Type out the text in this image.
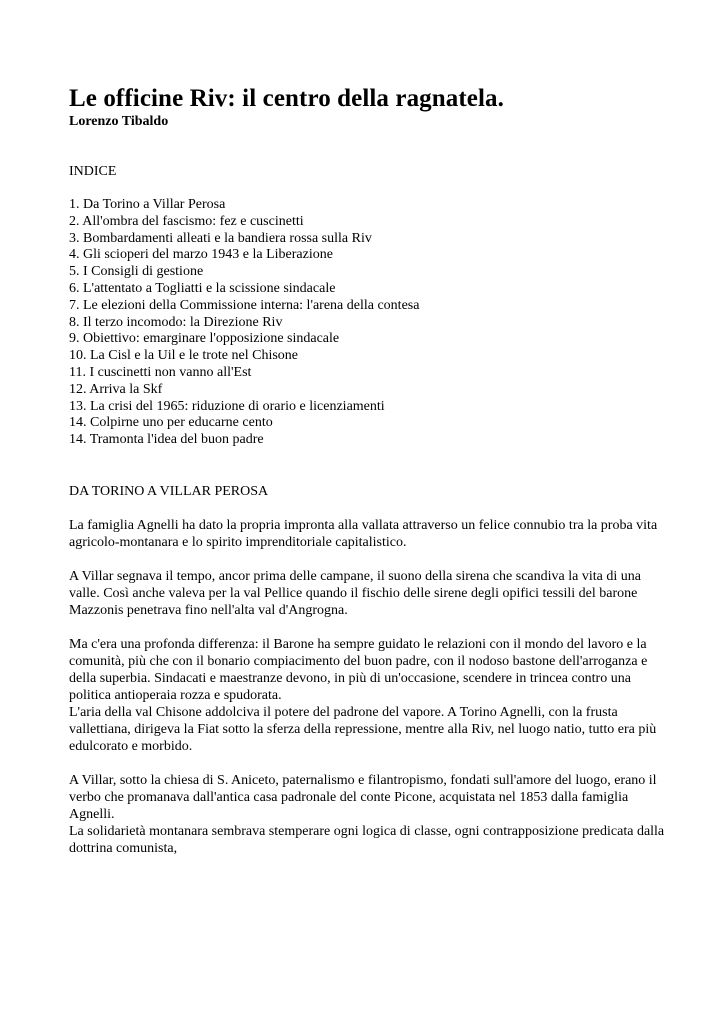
Le officine Riv: il centro della ragnatela.
Lorenzo Tibaldo
INDICE
1. Da Torino a Villar Perosa
2. All'ombra del fascismo: fez e cuscinetti
3. Bombardamenti alleati e la bandiera rossa sulla Riv
4. Gli scioperi del marzo 1943 e la Liberazione
5. I Consigli di gestione
6. L'attentato a Togliatti e la scissione sindacale
7. Le elezioni della Commissione interna: l'arena della contesa
8. Il terzo incomodo: la Direzione Riv
9. Obiettivo: emarginare l'opposizione sindacale
10. La Cisl e la Uil e le trote nel Chisone
11. I cuscinetti non vanno all'Est
12. Arriva la Skf
13. La crisi del 1965: riduzione di orario e licenziamenti
14. Colpirne uno per educarne cento
14. Tramonta l'idea del buon padre
DA TORINO A VILLAR PEROSA

La famiglia Agnelli ha dato la propria impronta alla vallata attraverso un felice connubio tra la proba vita agricolo-montanara e lo spirito imprenditoriale capitalistico.

A Villar segnava il tempo, ancor prima delle campane, il suono della sirena che scandiva la vita di una valle. Così anche valeva per la val Pellice quando il fischio delle sirene degli opifici tessili del barone Mazzonis penetrava fino nell'alta val d'Angrogna.

Ma c'era una profonda differenza: il Barone ha sempre guidato le relazioni con il mondo del lavoro e la comunità, più che con il bonario compiacimento del buon padre, con il nodoso bastone dell'arroganza e della superbia. Sindacati e maestranze devono, in più di un'occasione, scendere in trincea contro una politica antioperaia rozza e spudorata.

L'aria della val Chisone addolciva il potere del padrone del vapore. A Torino Agnelli, con la frusta vallettiana, dirigeva la Fiat sotto la sferza della repressione, mentre alla Riv, nel luogo natio, tutto era più edulcorato e morbido.

A Villar, sotto la chiesa di S. Aniceto, paternalismo e filantropismo, fondati sull'amore del luogo, erano il verbo che promanava dall'antica casa padronale del conte Picone, acquistata nel 1853 dalla famiglia Agnelli.

La solidarietà montanara sembrava stemperare ogni logica di classe, ogni contrapposizione predicata dalla dottrina comunista,
